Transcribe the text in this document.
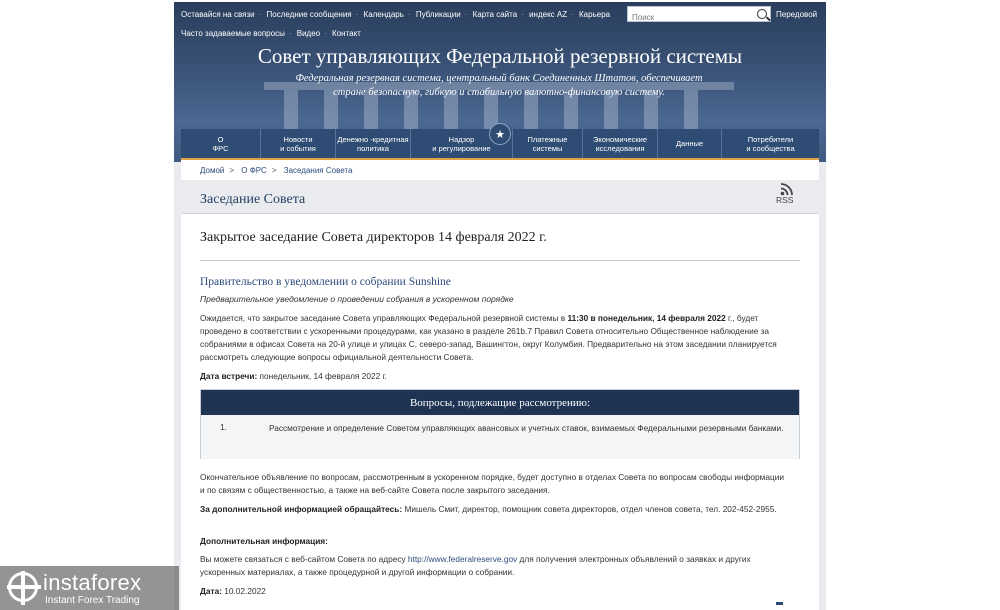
Оставайся на связи · Последние сообщения · Календарь · Публикации · Карта сайта · индекс AZ · Карьера
Часто задаваемые вопросы · Видео · Контакт
Поиск
Передовой
Совет управляющих Федеральной резервной системы
Федеральная резервная система, центральный банк Соединенных Штатов, обеспечивает стране безопасную, гибкую и стабильную валютно-финансовую систему.
О
ФРС
Новости
и события
Денежно -кредитная
политика
Надзор
и регулирование
Платежные
системы
Экономические
исследования	Данные	Потребители
и сообщества
★
Домой > О ФРС > Заседания Совета
Заседание Совета	RSS
Закрытое заседание Совета директоров 14 февраля 2022 г.
Правительство в уведомлении о собрании Sunshine
Предварительное уведомление о проведении собрания в ускоренном порядке
Ожидается, что закрытое заседание Совета управляющих Федеральной резервной системы в 11:30 в понедельник, 14 февраля 2022 г., будет проведено в соответствии с ускоренными процедурами, как указано в разделе 261b.7 Правил Совета относительно Общественное наблюдение за собраниями в офисах Совета на 20-й улице и улицах C, северо-запад, Вашингтон, округ Колумбия. Предварительно на этом заседании планируется рассмотреть следующие вопросы официальной деятельности Совета.
Дата встречи: понедельник, 14 февраля 2022 г.
Вопросы, подлежащие рассмотрению:
1.	Рассмотрение и определение Советом управляющих авансовых и учетных ставок, взимаемых Федеральными резервными банками.
Окончательное объявление по вопросам, рассмотренным в ускоренном порядке, будет доступно в отделах Совета по вопросам свободы информации и по связям с общественностью, а также на веб-сайте Совета после закрытого заседания.
За дополнительной информацией обращайтесь: Мишель Смит, директор, помощник совета директоров, отдел членов совета, тел. 202-452-2955.
Дополнительная информация:
Вы можете связаться с веб-сайтом Совета по адресу http://www.federalreserve.gov для получения электронных объявлений о заявках и других ускоренных материалах, а также процедурной и другой информации о собрании.
Дата: 10.02.2022
instaforex
Instant Forex Trading
